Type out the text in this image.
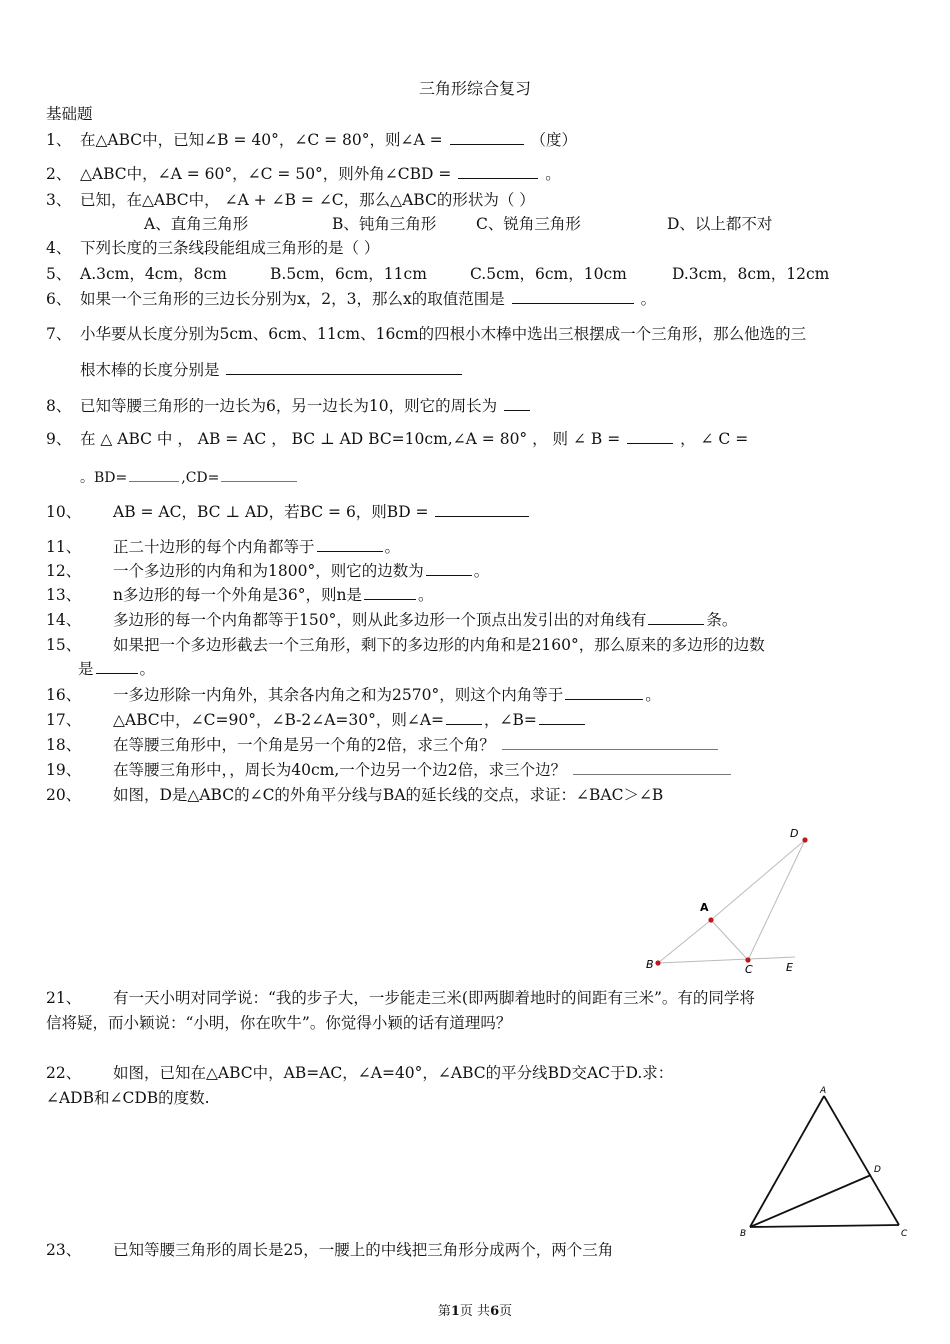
三角形综合复习
基础题
1、 在△ABC中，已知∠B = 40°，∠C = 80°，则∠A =	（度）
2、 △ABC中，∠A = 60°，∠C = 50°，则外角∠CBD =	。
3、 已知，在△ABC中， ∠A + ∠B = ∠C，那么△ABC的形状为（ ）
A、直角三角形	B、钝角三角形	C、锐角三角形	D、以上都不对
4、 下列长度的三条线段能组成三角形的是（ ）
5、 A.3cm，4cm，8cm	B.5cm，6cm，11cm	C.5cm，6cm，10cm	D.3cm，8cm，12cm
6、 如果一个三角形的三边长分别为x，2，3，那么x的取值范围是	。
7、 小华要从长度分别为5cm、6cm、11cm、16cm的四根小木棒中选出三根摆成一个三角形，那么他选的三
根木棒的长度分别是
8、 已知等腰三角形的一边长为6，另一边长为10，则它的周长为
9、 在 △ ABC 中 ， AB = AC ， BC ⊥ AD BC=10cm,∠A = 80° ， 则 ∠ B =	， ∠ C =
。BD=	,CD=
10、 AB = AC，BC ⊥ AD，若BC = 6，则BD =
11、 正二十边形的每个内角都等于	。
12、 一个多边形的内角和为1800°，则它的边数为	。
13、 n多边形的每一个外角是36°，则n是	。
14、 多边形的每一个内角都等于150°，则从此多边形一个顶点出发引出的对角线有	条。
15、 如果把一个多边形截去一个三角形，剩下的多边形的内角和是2160°，那么原来的多边形的边数
是	。
16、 一多边形除一内角外，其余各内角之和为2570°，则这个内角等于	。
17、 △ABC中，∠C=90°，∠B-2∠A=30°，则∠A=	，∠B=
18、 在等腰三角形中，一个角是另一个角的2倍，求三个角？
19、 在等腰三角形中，，周长为40cm,一个边另一个边2倍，求三个边？
20、 如图，D是△ABC的∠C的外角平分线与BA的延长线的交点，求证：∠BAC＞∠B
D
A
B	C	E
21、 有一天小明对同学说：“我的步子大，一步能走三米(即两脚着地时的间距有三米”。有的同学将
信将疑，而小颖说：“小明，你在吹牛”。你觉得小颖的话有道理吗？
22、 如图，已知在△ABC中，AB=AC，∠A=40°，∠ABC的平分线BD交AC于D.求：
∠ADB和∠CDB的度数.	A
B	C
D
23、 已知等腰三角形的周长是25，一腰上的中线把三角形分成两个，两个三角
第1页 共6页
